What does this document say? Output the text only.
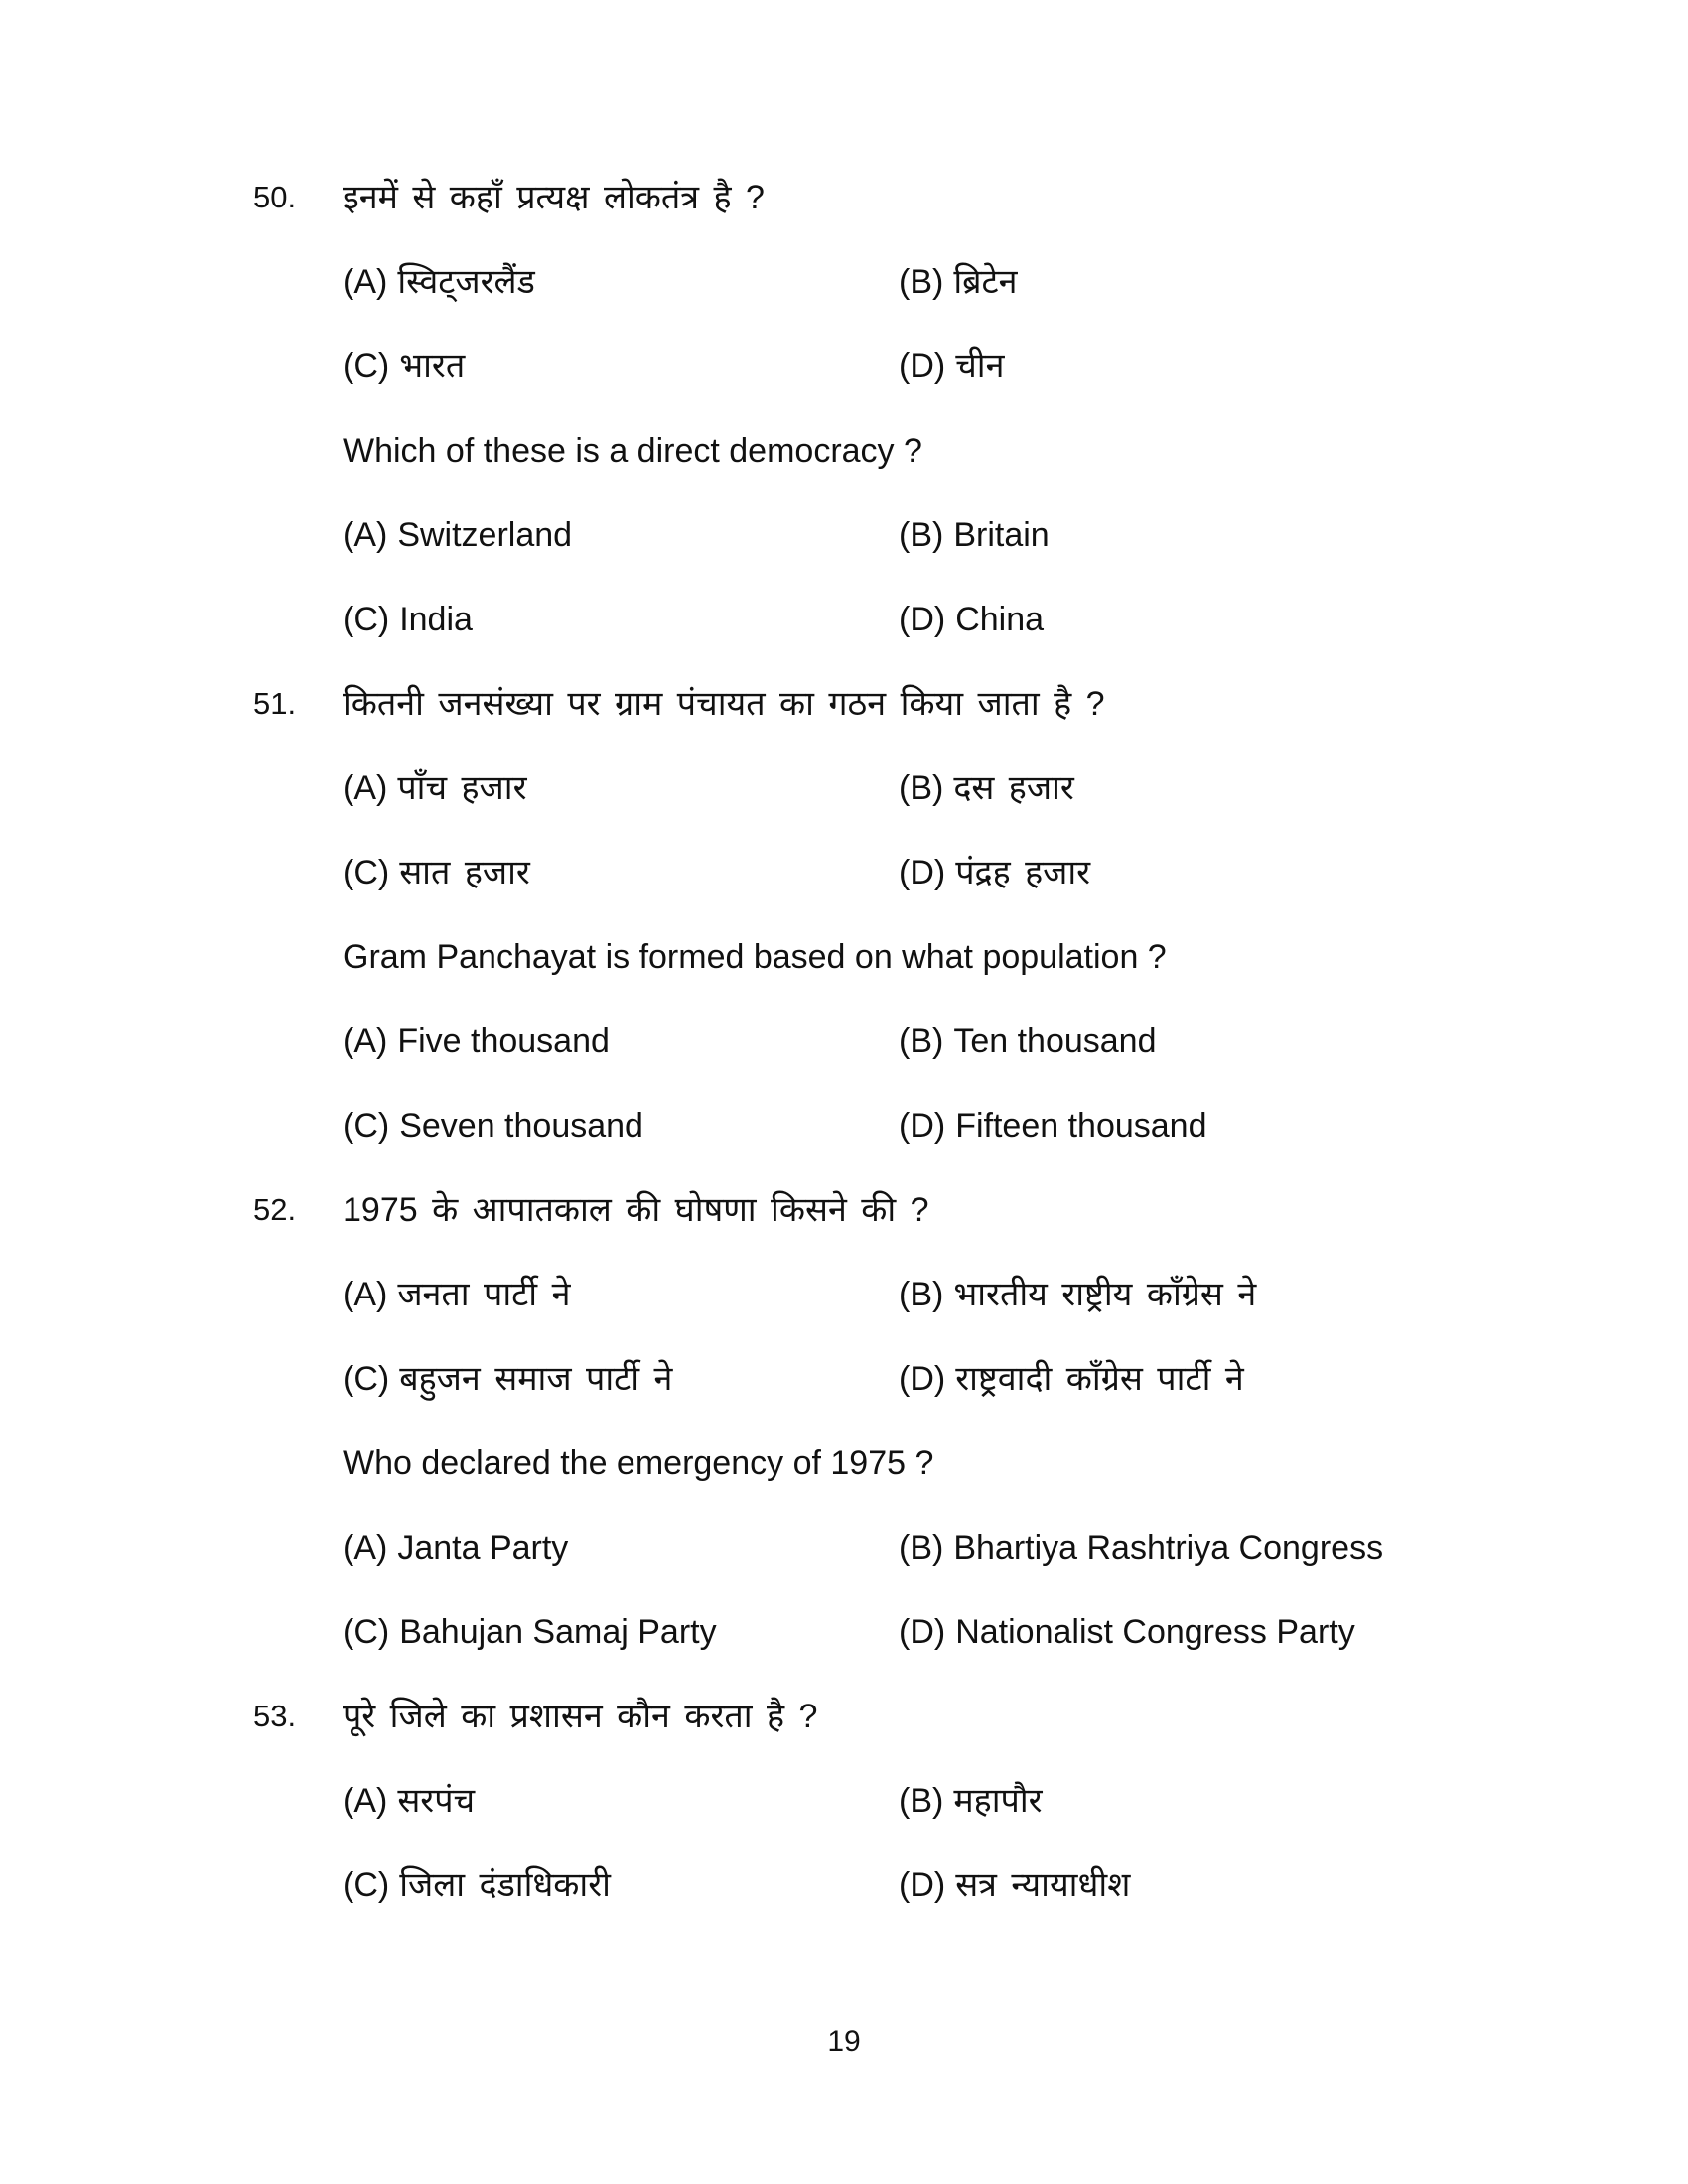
50.	इनमें से कहाँ प्रत्यक्ष लोकतंत्र है ?
(A) स्विट्जरलैंड	(B) ब्रिटेन
(C) भारत	(D) चीन
Which of these is a direct democracy ?
(A) Switzerland	(B) Britain
(C) India	(D) China
51.	कितनी जनसंख्या पर ग्राम पंचायत का गठन किया जाता है ?
(A) पाँच हजार	(B) दस हजार
(C) सात हजार	(D) पंद्रह हजार
Gram Panchayat is formed based on what population ?
(A) Five thousand	(B) Ten thousand
(C) Seven thousand	(D) Fifteen thousand
52.	1975 के आपातकाल की घोषणा किसने की ?
(A) जनता पार्टी ने	(B) भारतीय राष्ट्रीय काँग्रेस ने
(C) बहुजन समाज पार्टी ने	(D) राष्ट्रवादी काँग्रेस पार्टी ने
Who declared the emergency of 1975 ?
(A) Janta Party	(B) Bhartiya Rashtriya Congress
(C) Bahujan Samaj Party	(D) Nationalist Congress Party
53.	पूरे जिले का प्रशासन कौन करता है ?
(A) सरपंच	(B) महापौर
(C) जिला दंडाधिकारी	(D) सत्र न्यायाधीश
19
